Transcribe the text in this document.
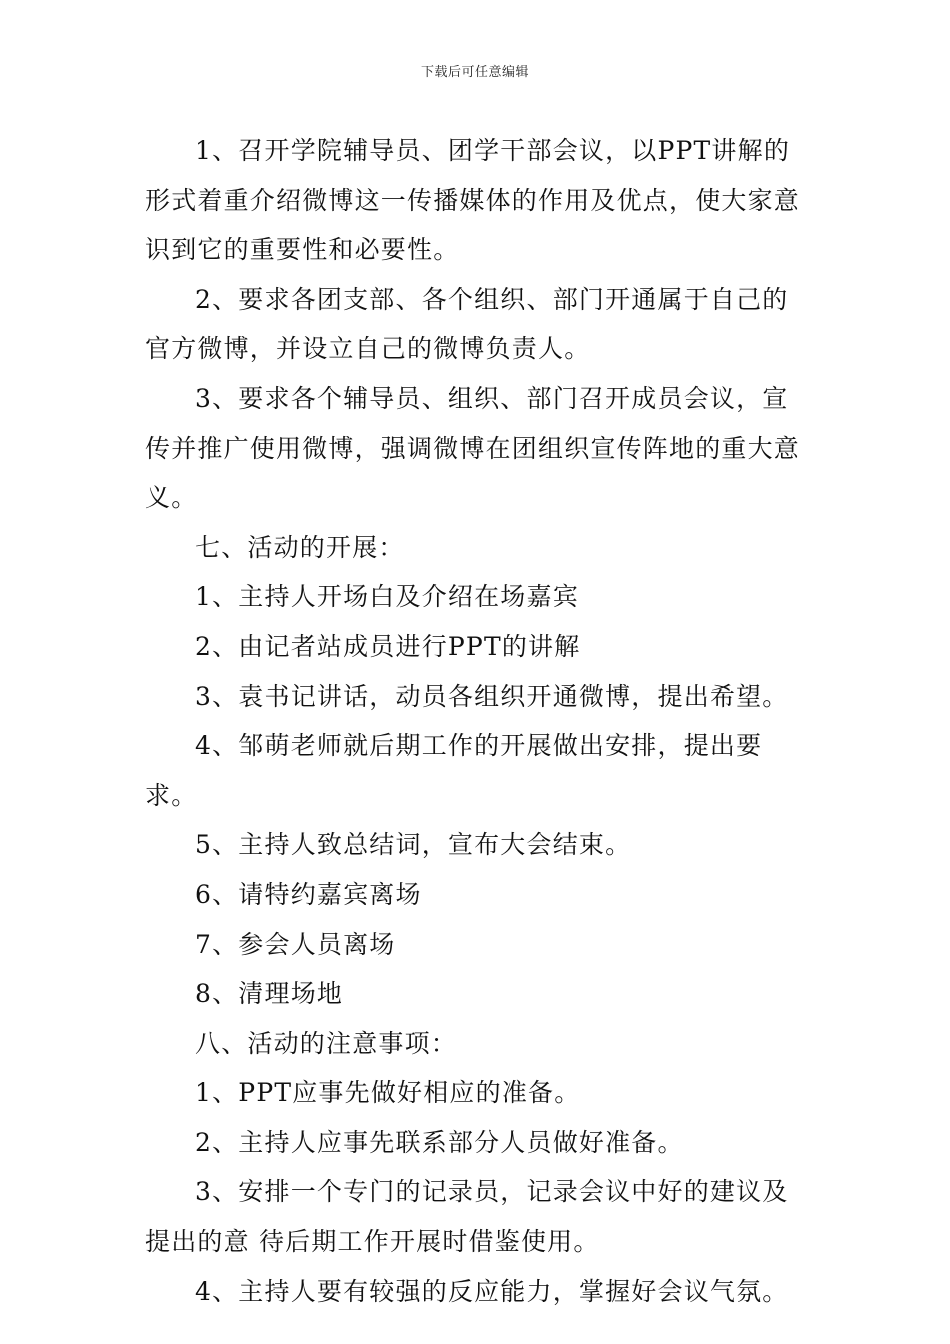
下载后可任意编辑

1、召开学院辅导员、团学干部会议，以PPT讲解的形式着重介绍微博这一传播媒体的作用及优点，使大家意识到它的重要性和必要性。

2、要求各团支部、各个组织、部门开通属于自己的官方微博，并设立自己的微博负责人。

3、要求各个辅导员、组织、部门召开成员会议，宣传并推广使用微博，强调微博在团组织宣传阵地的重大意义。

七、活动的开展：

1、主持人开场白及介绍在场嘉宾

2、由记者站成员进行PPT的讲解

3、袁书记讲话，动员各组织开通微博，提出希望。

4、邹萌老师就后期工作的开展做出安排，提出要求。

5、主持人致总结词，宣布大会结束。

6、请特约嘉宾离场

7、参会人员离场

8、清理场地

八、活动的注意事项：

1、PPT应事先做好相应的准备。

2、主持人应事先联系部分人员做好准备。

3、安排一个专门的记录员，记录会议中好的建议及提出的意 待后期工作开展时借鉴使用。

4、主持人要有较强的反应能力，掌握好会议气氛。
